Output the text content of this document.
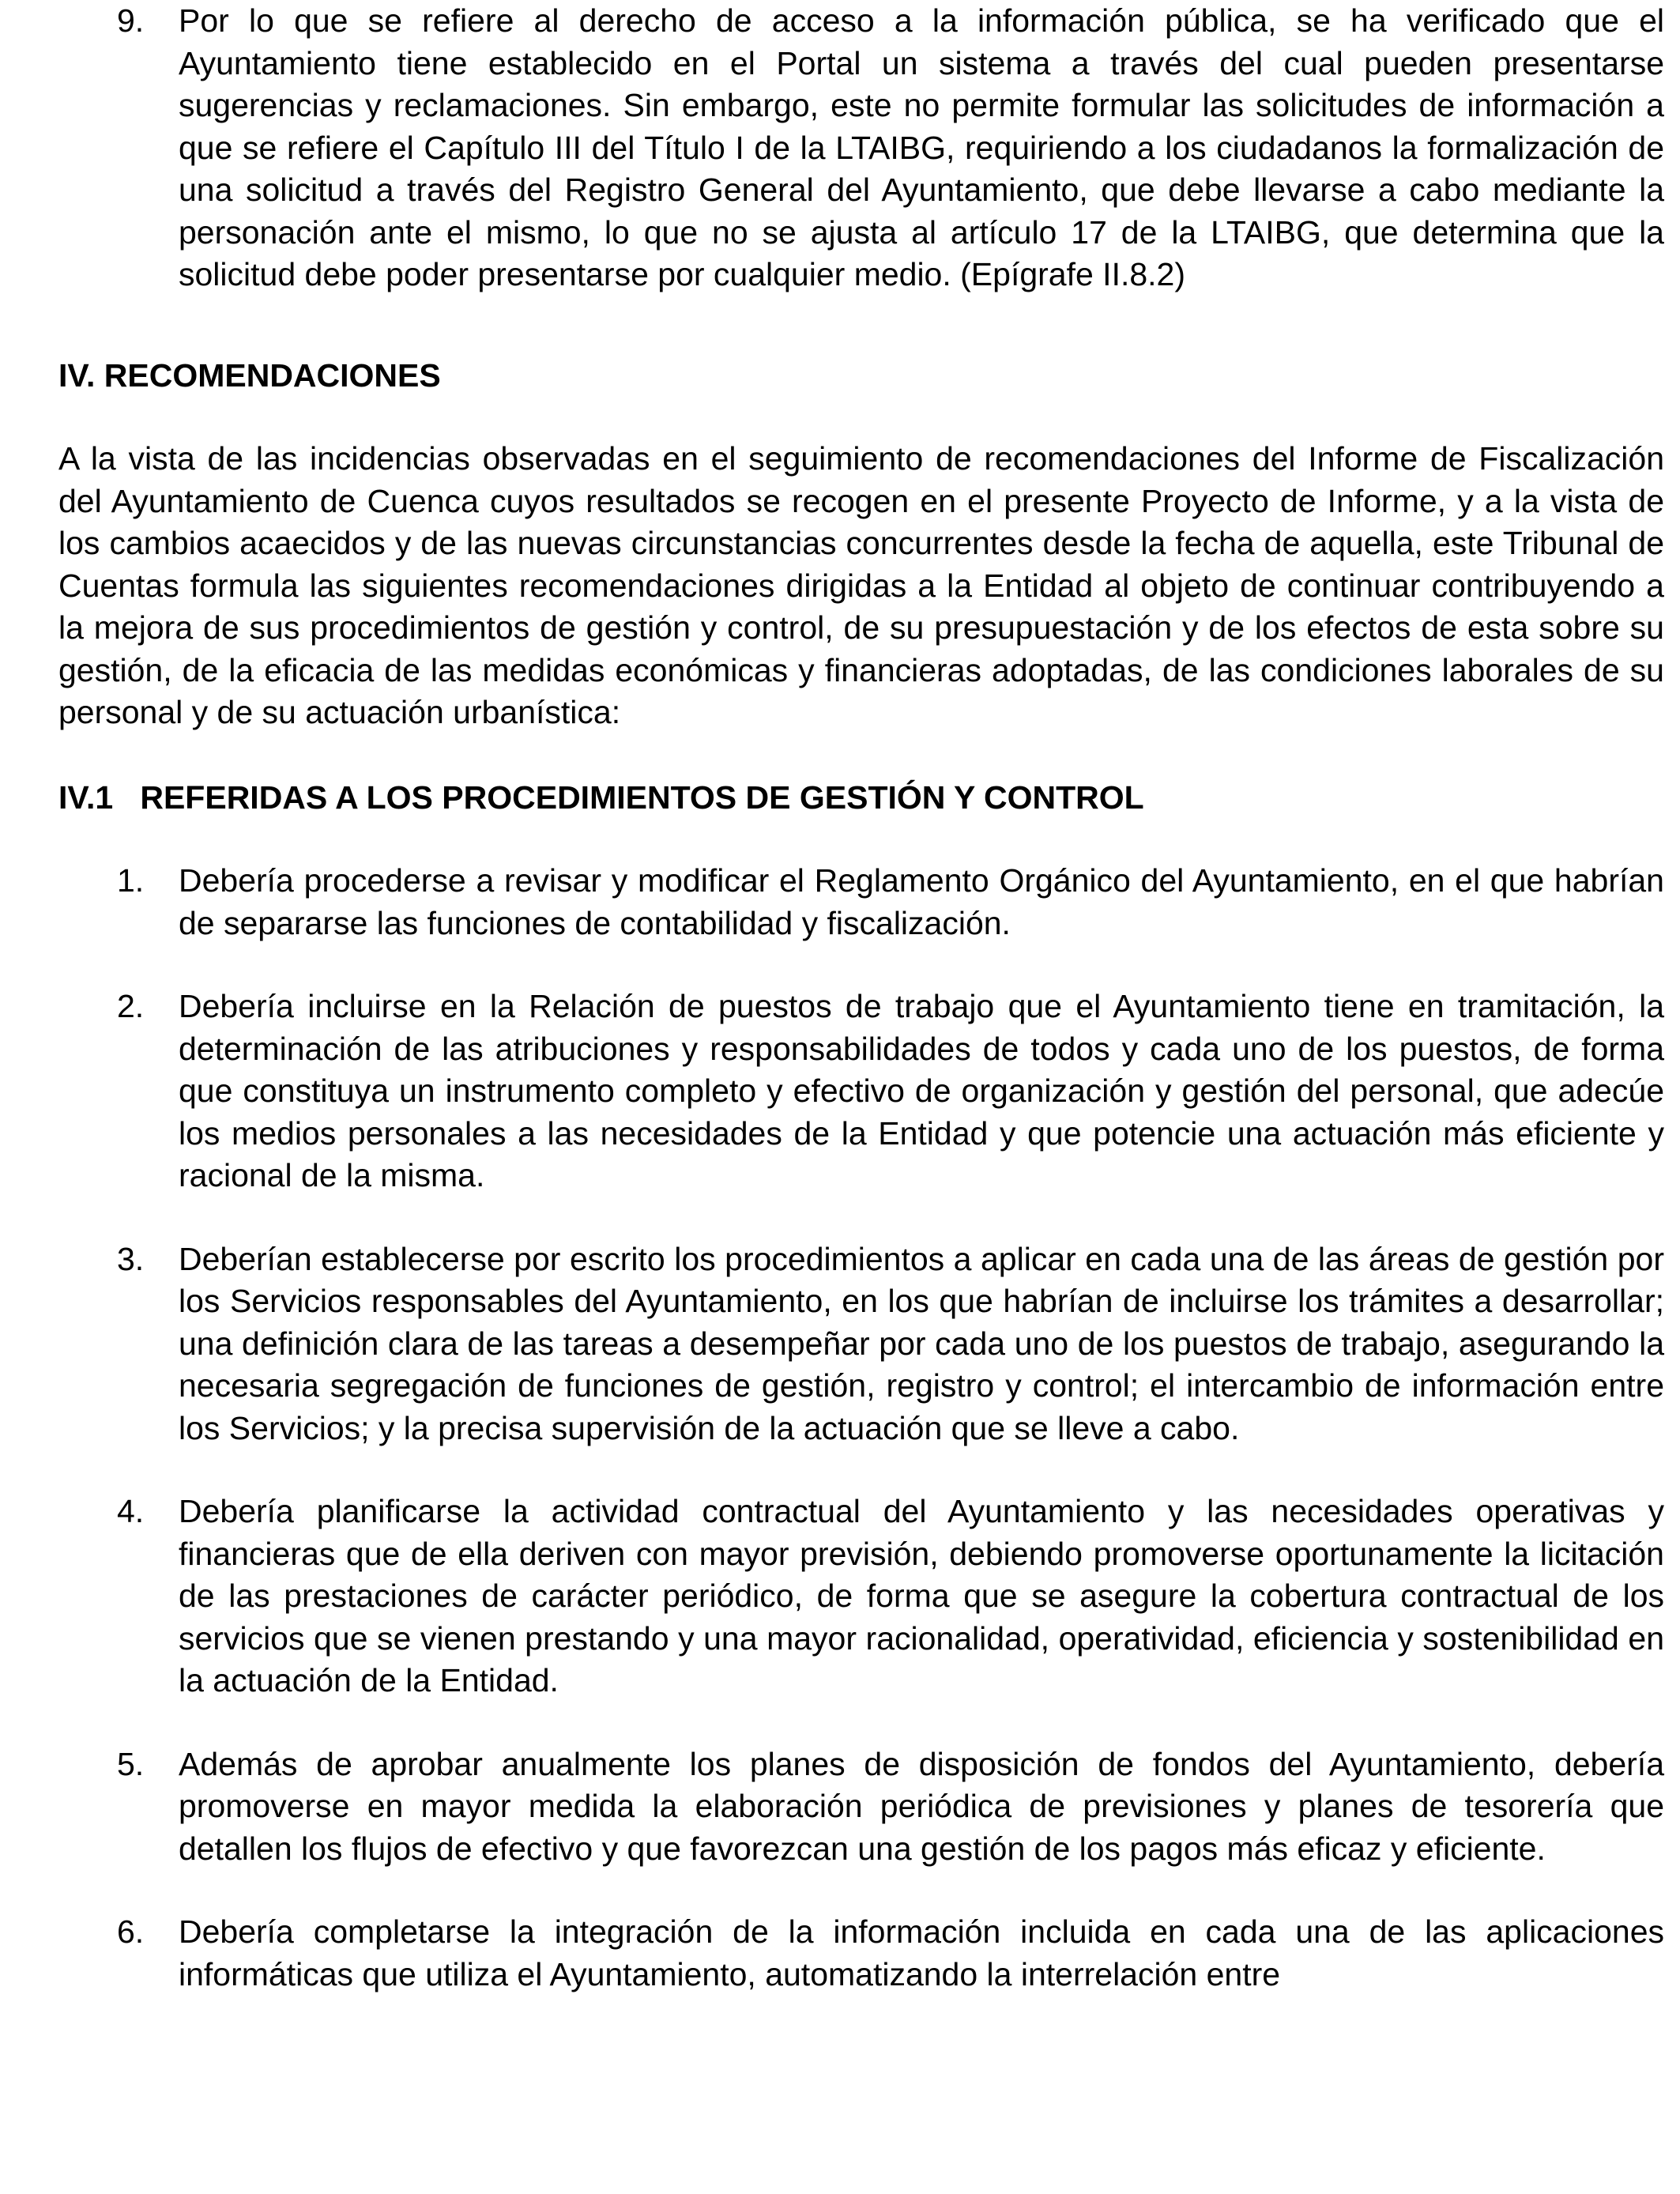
9. Por lo que se refiere al derecho de acceso a la información pública, se ha verificado que el Ayuntamiento tiene establecido en el Portal un sistema a través del cual pueden presentarse sugerencias y reclamaciones. Sin embargo, este no permite formular las solicitudes de información a que se refiere el Capítulo III del Título I de la LTAIBG, requiriendo a los ciudadanos la formalización de una solicitud a través del Registro General del Ayuntamiento, que debe llevarse a cabo mediante la personación ante el mismo, lo que no se ajusta al artículo 17 de la LTAIBG, que determina que la solicitud debe poder presentarse por cualquier medio. (Epígrafe II.8.2)
IV. RECOMENDACIONES
A la vista de las incidencias observadas en el seguimiento de recomendaciones del Informe de Fiscalización del Ayuntamiento de Cuenca cuyos resultados se recogen en el presente Proyecto de Informe, y a la vista de los cambios acaecidos y de las nuevas circunstancias concurrentes desde la fecha de aquella, este Tribunal de Cuentas formula las siguientes recomendaciones dirigidas a la Entidad al objeto de continuar contribuyendo a la mejora de sus procedimientos de gestión y control, de su presupuestación y de los efectos de esta sobre su gestión, de la eficacia de las medidas económicas y financieras adoptadas, de las condiciones laborales de su personal y de su actuación urbanística:
IV.1   REFERIDAS A LOS PROCEDIMIENTOS DE GESTIÓN Y CONTROL
1. Debería procederse a revisar y modificar el Reglamento Orgánico del Ayuntamiento, en el que habrían de separarse las funciones de contabilidad y fiscalización.
2. Debería incluirse en la Relación de puestos de trabajo que el Ayuntamiento tiene en tramitación, la determinación de las atribuciones y responsabilidades de todos y cada uno de los puestos, de forma que constituya un instrumento completo y efectivo de organización y gestión del personal, que adecúe los medios personales a las necesidades de la Entidad y que potencie una actuación más eficiente y racional de la misma.
3. Deberían establecerse por escrito los procedimientos a aplicar en cada una de las áreas de gestión por los Servicios responsables del Ayuntamiento, en los que habrían de incluirse los trámites a desarrollar; una definición clara de las tareas a desempeñar por cada uno de los puestos de trabajo, asegurando la necesaria segregación de funciones de gestión, registro y control; el intercambio de información entre los Servicios; y la precisa supervisión de la actuación que se lleve a cabo.
4. Debería planificarse la actividad contractual del Ayuntamiento y las necesidades operativas y financieras que de ella deriven con mayor previsión, debiendo promoverse oportunamente la licitación de las prestaciones de carácter periódico, de forma que se asegure la cobertura contractual de los servicios que se vienen prestando y una mayor racionalidad, operatividad, eficiencia y sostenibilidad en la actuación de la Entidad.
5. Además de aprobar anualmente los planes de disposición de fondos del Ayuntamiento, debería promoverse en mayor medida la elaboración periódica de previsiones y planes de tesorería que detallen los flujos de efectivo y que favorezcan una gestión de los pagos más eficaz y eficiente.
6. Debería completarse la integración de la información incluida en cada una de las aplicaciones informáticas que utiliza el Ayuntamiento, automatizando la interrelación entre
